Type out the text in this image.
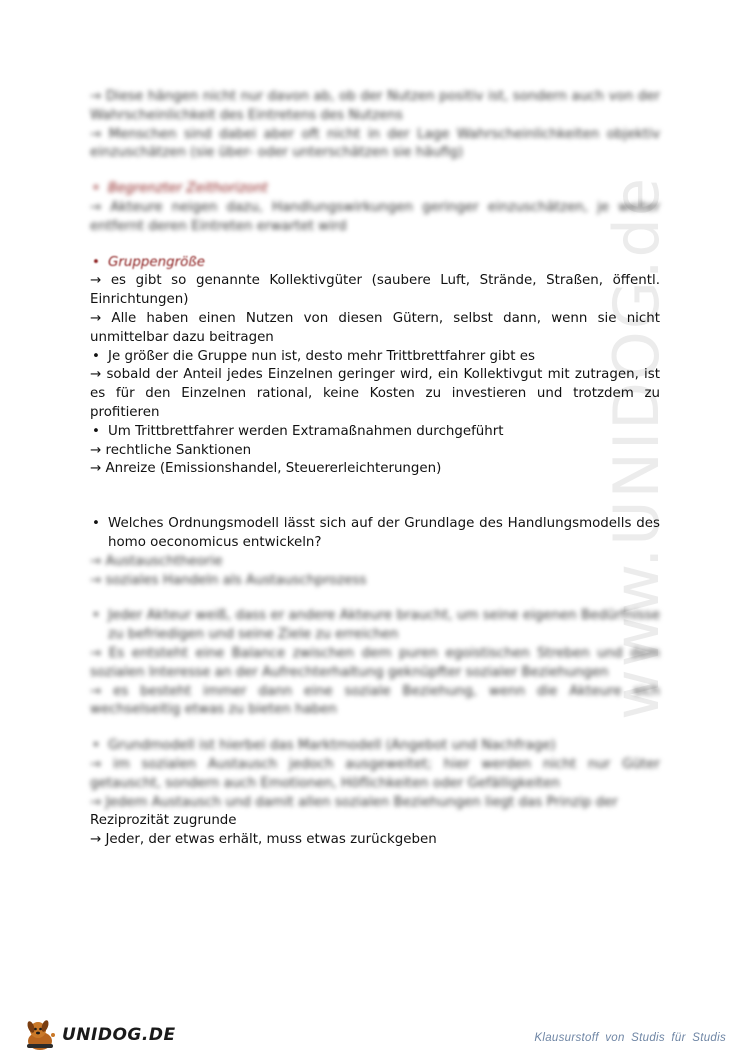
www.UNIDOG.de

→ Diese hängen nicht nur davon ab, ob der Nutzen positiv ist, sondern auch von der Wahrscheinlichkeit des Eintretens des Nutzens

→ Menschen sind dabei aber oft nicht in der Lage Wahrscheinlichkeiten objektiv einzuschätzen (sie über- oder unterschätzen sie häufig)

• Begrenzter Zeithorizont

→ Akteure neigen dazu, Handlungswirkungen geringer einzuschätzen, je weiter entfernt deren Eintreten erwartet wird

• Gruppengröße

→ es gibt so genannte Kollektivgüter (saubere Luft, Strände, Straßen, öffentl. Einrichtungen)

→ Alle haben einen Nutzen von diesen Gütern, selbst dann, wenn sie nicht unmittelbar dazu beitragen

• Je größer die Gruppe nun ist, desto mehr Trittbrettfahrer gibt es

→ sobald der Anteil jedes Einzelnen geringer wird, ein Kollektivgut mit zutragen, ist es für den Einzelnen rational, keine Kosten zu investieren und trotzdem zu profitieren

• Um Trittbrettfahrer werden Extramaßnahmen durchgeführt

→ rechtliche Sanktionen

→ Anreize (Emissionshandel, Steuererleichterungen)

• Welches Ordnungsmodell lässt sich auf der Grundlage des Handlungsmodells des homo oeconomicus entwickeln?

→ Austauschtheorie

→ soziales Handeln als Austauschprozess

• Jeder Akteur weiß, dass er andere Akteure braucht, um seine eigenen Bedürfnisse zu befriedigen und seine Ziele zu erreichen

→ Es entsteht eine Balance zwischen dem puren egoistischen Streben und dem sozialen Interesse an der Aufrechterhaltung geknüpfter sozialer Beziehungen

→ es besteht immer dann eine soziale Beziehung, wenn die Akteure sich wechselseitig etwas zu bieten haben

• Grundmodell ist hierbei das Marktmodell (Angebot und Nachfrage)

→ im sozialen Austausch jedoch ausgeweitet; hier werden nicht nur Güter getauscht, sondern auch Emotionen, Höflichkeiten oder Gefälligkeiten

→ Jedem Austausch und damit allen sozialen Beziehungen liegt das Prinzip der

Reziprozität zugrunde

→ Jeder, der etwas erhält, muss etwas zurückgeben

UNIDOG.DE	Klausurstoff von Studis für Studis
